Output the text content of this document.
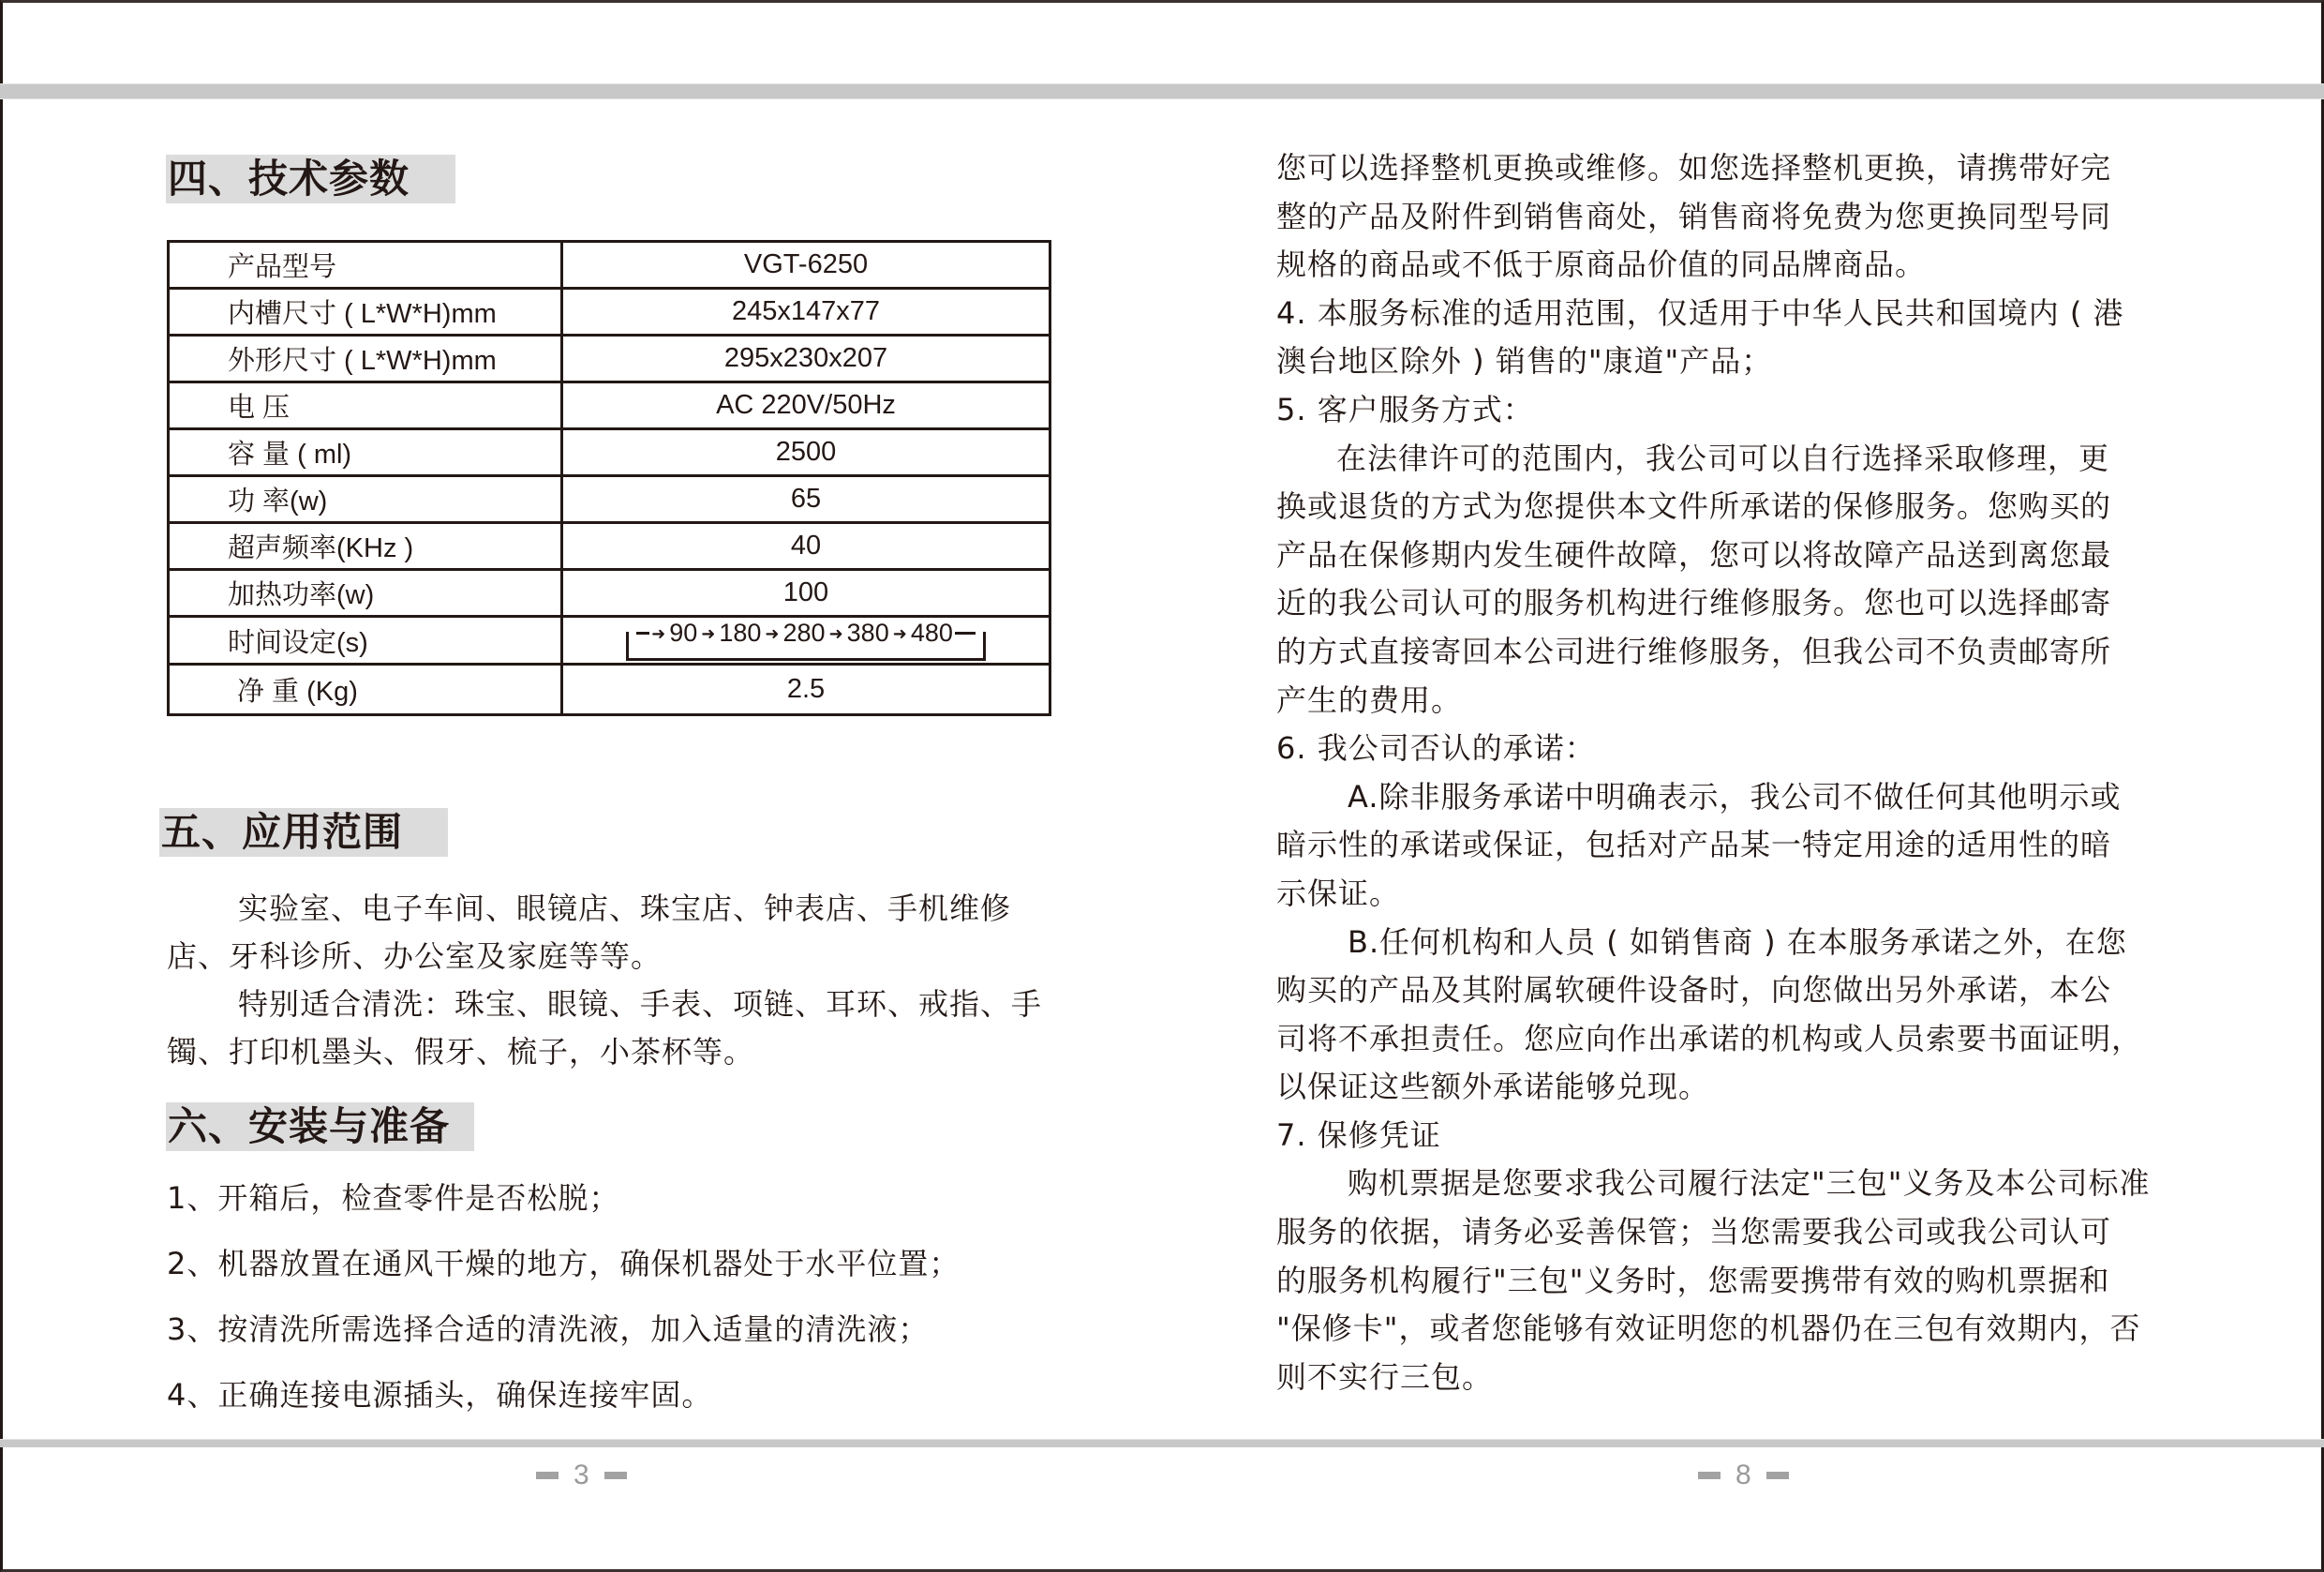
四、技术参数
产品型号	VGT-6250
内槽尺寸 ( L*W*H)mm	245x147x77
外形尺寸 ( L*W*H)mm	295x230x207
电 压	AC 220V/50Hz
容 量 ( ml)	2500
功 率(w)	65
超声频率(KHz )	40
加热功率(w)	100
时间设定(s)	➜ 90 ➜ 180 ➜ 280 ➜ 380 ➜ 480
净 重 (Kg)	2.5
五、应用范围

实验室、电子车间、眼镜店、珠宝店、钟表店、手机维修

店、牙科诊所、办公室及家庭等等。

特别适合清洗：珠宝、眼镜、手表、项链、耳环、戒指、手

镯、打印机墨头、假牙、梳子，小茶杯等。

六、安装与准备

1、开箱后，检查零件是否松脱；

2、机器放置在通风干燥的地方，确保机器处于水平位置；

3、按清洗所需选择合适的清洗液，加入适量的清洗液；

4、正确连接电源插头，确保连接牢固。

3

您可以选择整机更换或维修。如您选择整机更换，请携带好完

整的产品及附件到销售商处，销售商将免费为您更换同型号同

规格的商品或不低于原商品价值的同品牌商品。

4. 本服务标准的适用范围，仅适用于中华人民共和国境内 ( 港

澳台地区除外 ) 销售的"康道"产品；

5. 客户服务方式：

在法律许可的范围内，我公司可以自行选择采取修理，更

换或退货的方式为您提供本文件所承诺的保修服务。您购买的

产品在保修期内发生硬件故障，您可以将故障产品送到离您最

近的我公司认可的服务机构进行维修服务。您也可以选择邮寄

的方式直接寄回本公司进行维修服务，但我公司不负责邮寄所

产生的费用。

6. 我公司否认的承诺：

A.除非服务承诺中明确表示，我公司不做任何其他明示或

暗示性的承诺或保证，包括对产品某一特定用途的适用性的暗

示保证。

B.任何机构和人员 ( 如销售商 ) 在本服务承诺之外，在您

购买的产品及其附属软硬件设备时，向您做出另外承诺，本公

司将不承担责任。您应向作出承诺的机构或人员索要书面证明，

以保证这些额外承诺能够兑现。

7. 保修凭证

购机票据是您要求我公司履行法定"三包"义务及本公司标准

服务的依据，请务必妥善保管；当您需要我公司或我公司认可

的服务机构履行"三包"义务时，您需要携带有效的购机票据和

"保修卡"，或者您能够有效证明您的机器仍在三包有效期内，否

则不实行三包。

8
